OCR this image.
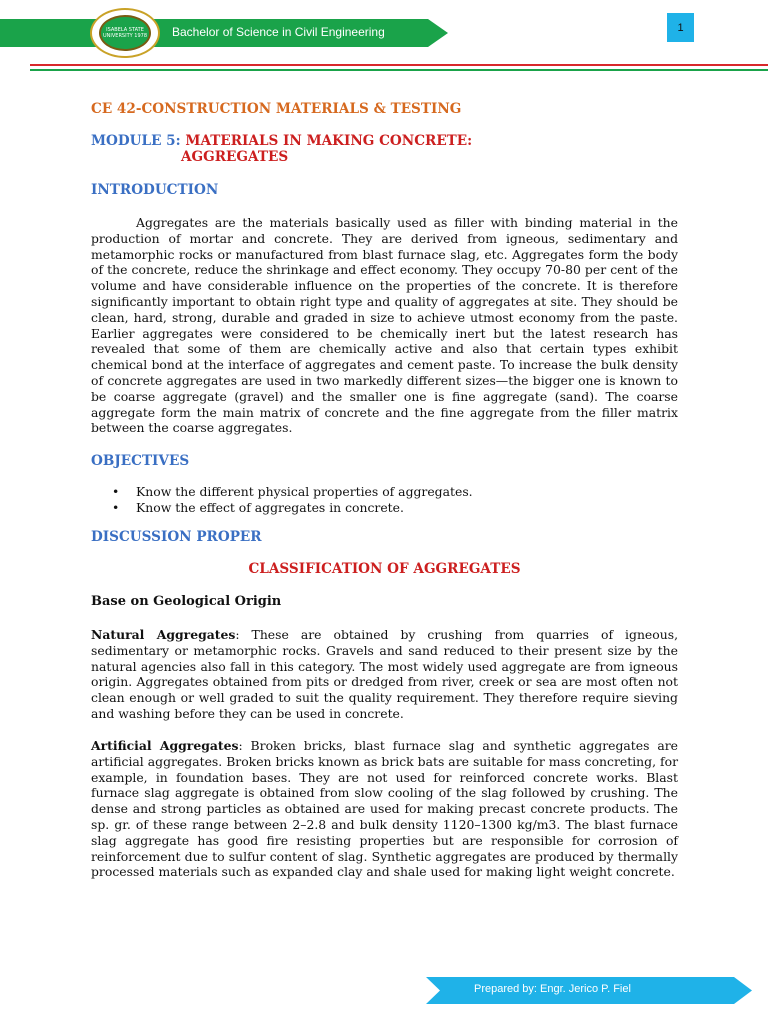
Bachelor of Science in Civil Engineering
ISABELA STATE UNIVERSITY 1978
1
CE 42-CONSTRUCTION MATERIALS & TESTING
MODULE 5: MATERIALS IN MAKING CONCRETE:
AGGREGATES
INTRODUCTION

Aggregates are the materials basically used as filler with binding material in the production of mortar and concrete. They are derived from igneous, sedimentary and metamorphic rocks or manufactured from blast furnace slag, etc. Aggregates form the body of the concrete, reduce the shrinkage and effect economy. They occupy 70-80 per cent of the volume and have considerable influence on the properties of the concrete. It is therefore significantly important to obtain right type and quality of aggregates at site. They should be clean, hard, strong, durable and graded in size to achieve utmost economy from the paste. Earlier aggregates were considered to be chemically inert but the latest research has revealed that some of them are chemically active and also that certain types exhibit chemical bond at the interface of aggregates and cement paste. To increase the bulk density of concrete aggregates are used in two markedly different sizes—the bigger one is known to be coarse aggregate (gravel) and the smaller one is fine aggregate (sand). The coarse aggregate form the main matrix of concrete and the fine aggregate from the filler matrix between the coarse aggregates.

OBJECTIVES
• Know the different physical properties of aggregates.
• Know the effect of aggregates in concrete.
DISCUSSION PROPER
CLASSIFICATION OF AGGREGATES
Base on Geological Origin

Natural Aggregates: These are obtained by crushing from quarries of igneous, sedimentary or metamorphic rocks. Gravels and sand reduced to their present size by the natural agencies also fall in this category. The most widely used aggregate are from igneous origin. Aggregates obtained from pits or dredged from river, creek or sea are most often not clean enough or well graded to suit the quality requirement. They therefore require sieving and washing before they can be used in concrete.

Artificial Aggregates: Broken bricks, blast furnace slag and synthetic aggregates are artificial aggregates. Broken bricks known as brick bats are suitable for mass concreting, for example, in foundation bases. They are not used for reinforced concrete works. Blast furnace slag aggregate is obtained from slow cooling of the slag followed by crushing. The dense and strong particles as obtained are used for making precast concrete products. The sp. gr. of these range between 2–2.8 and bulk density 1120–1300 kg/m3. The blast furnace slag aggregate has good fire resisting properties but are responsible for corrosion of reinforcement due to sulfur content of slag. Synthetic aggregates are produced by thermally processed materials such as expanded clay and shale used for making light weight concrete.

Prepared by: Engr. Jerico P. Fiel
